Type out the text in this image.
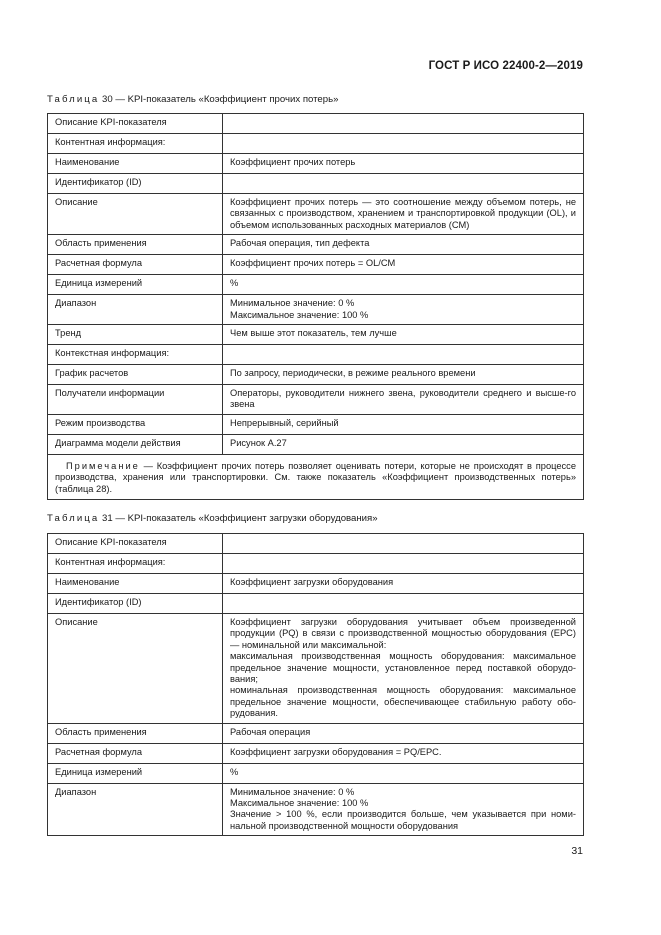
ГОСТ Р ИСО 22400-2—2019
Таблица 30 — KPI-показатель «Коэффициент прочих потерь»
Описание KPI-показателя	
Контентная информация:	
Наименование	Коэффициент прочих потерь
Идентификатор (ID)	
Описание	Коэффициент прочих потерь — это соотношение между объемом потерь, не связанных с производством, хранением и транспортировкой продукции (OL), и объемом использованных расходных материалов (CM)
Область применения	Рабочая операция, тип дефекта
Расчетная формула	Коэффициент прочих потерь = OL/CM
Единица измерений	%
Диапазон	Минимальное значение: 0 %
Максимальное значение: 100 %

Тренд	Чем выше этот показатель, тем лучше
Контекстная информация:	
График расчетов	По запросу, периодически, в режиме реального времени
Получатели информации	Операторы, руководители нижнего звена, руководители среднего и высше-го звена
Режим производства	Непрерывный, серийный
Диаграмма модели действия	Рисунок А.27
Примечание — Коэффициент прочих потерь позволяет оценивать потери, которые не происходят в процессе производства, хранения или транспортировки. См. также показатель «Коэффициент производственных потерь» (таблица 28).	
Таблица 31 — KPI-показатель «Коэффициент загрузки оборудования»
Описание KPI-показателя	
Контентная информация:	
Наименование	Коэффициент загрузки оборудования
Идентификатор (ID)	
Описание	Коэффициент загрузки оборудования учитывает объем произведенной продукции (PQ) в связи с производственной мощностью оборудования (EPC) — номинальной или максимальной:
максимальная производственная мощность оборудования: максимальное предельное значение мощности, установленное перед поставкой оборудо-вания;
номинальная производственная мощность оборудования: максимальное предельное значение мощности, обеспечивающее стабильную работу обо-рудования.

Область применения	Рабочая операция
Расчетная формула	Коэффициент загрузки оборудования = PQ/EPC.
Единица измерений	%
Диапазон	Минимальное значение: 0 %
Максимальное значение: 100 %
Значение > 100 %, если производится больше, чем указывается при номи-нальной производственной мощности оборудования
31
